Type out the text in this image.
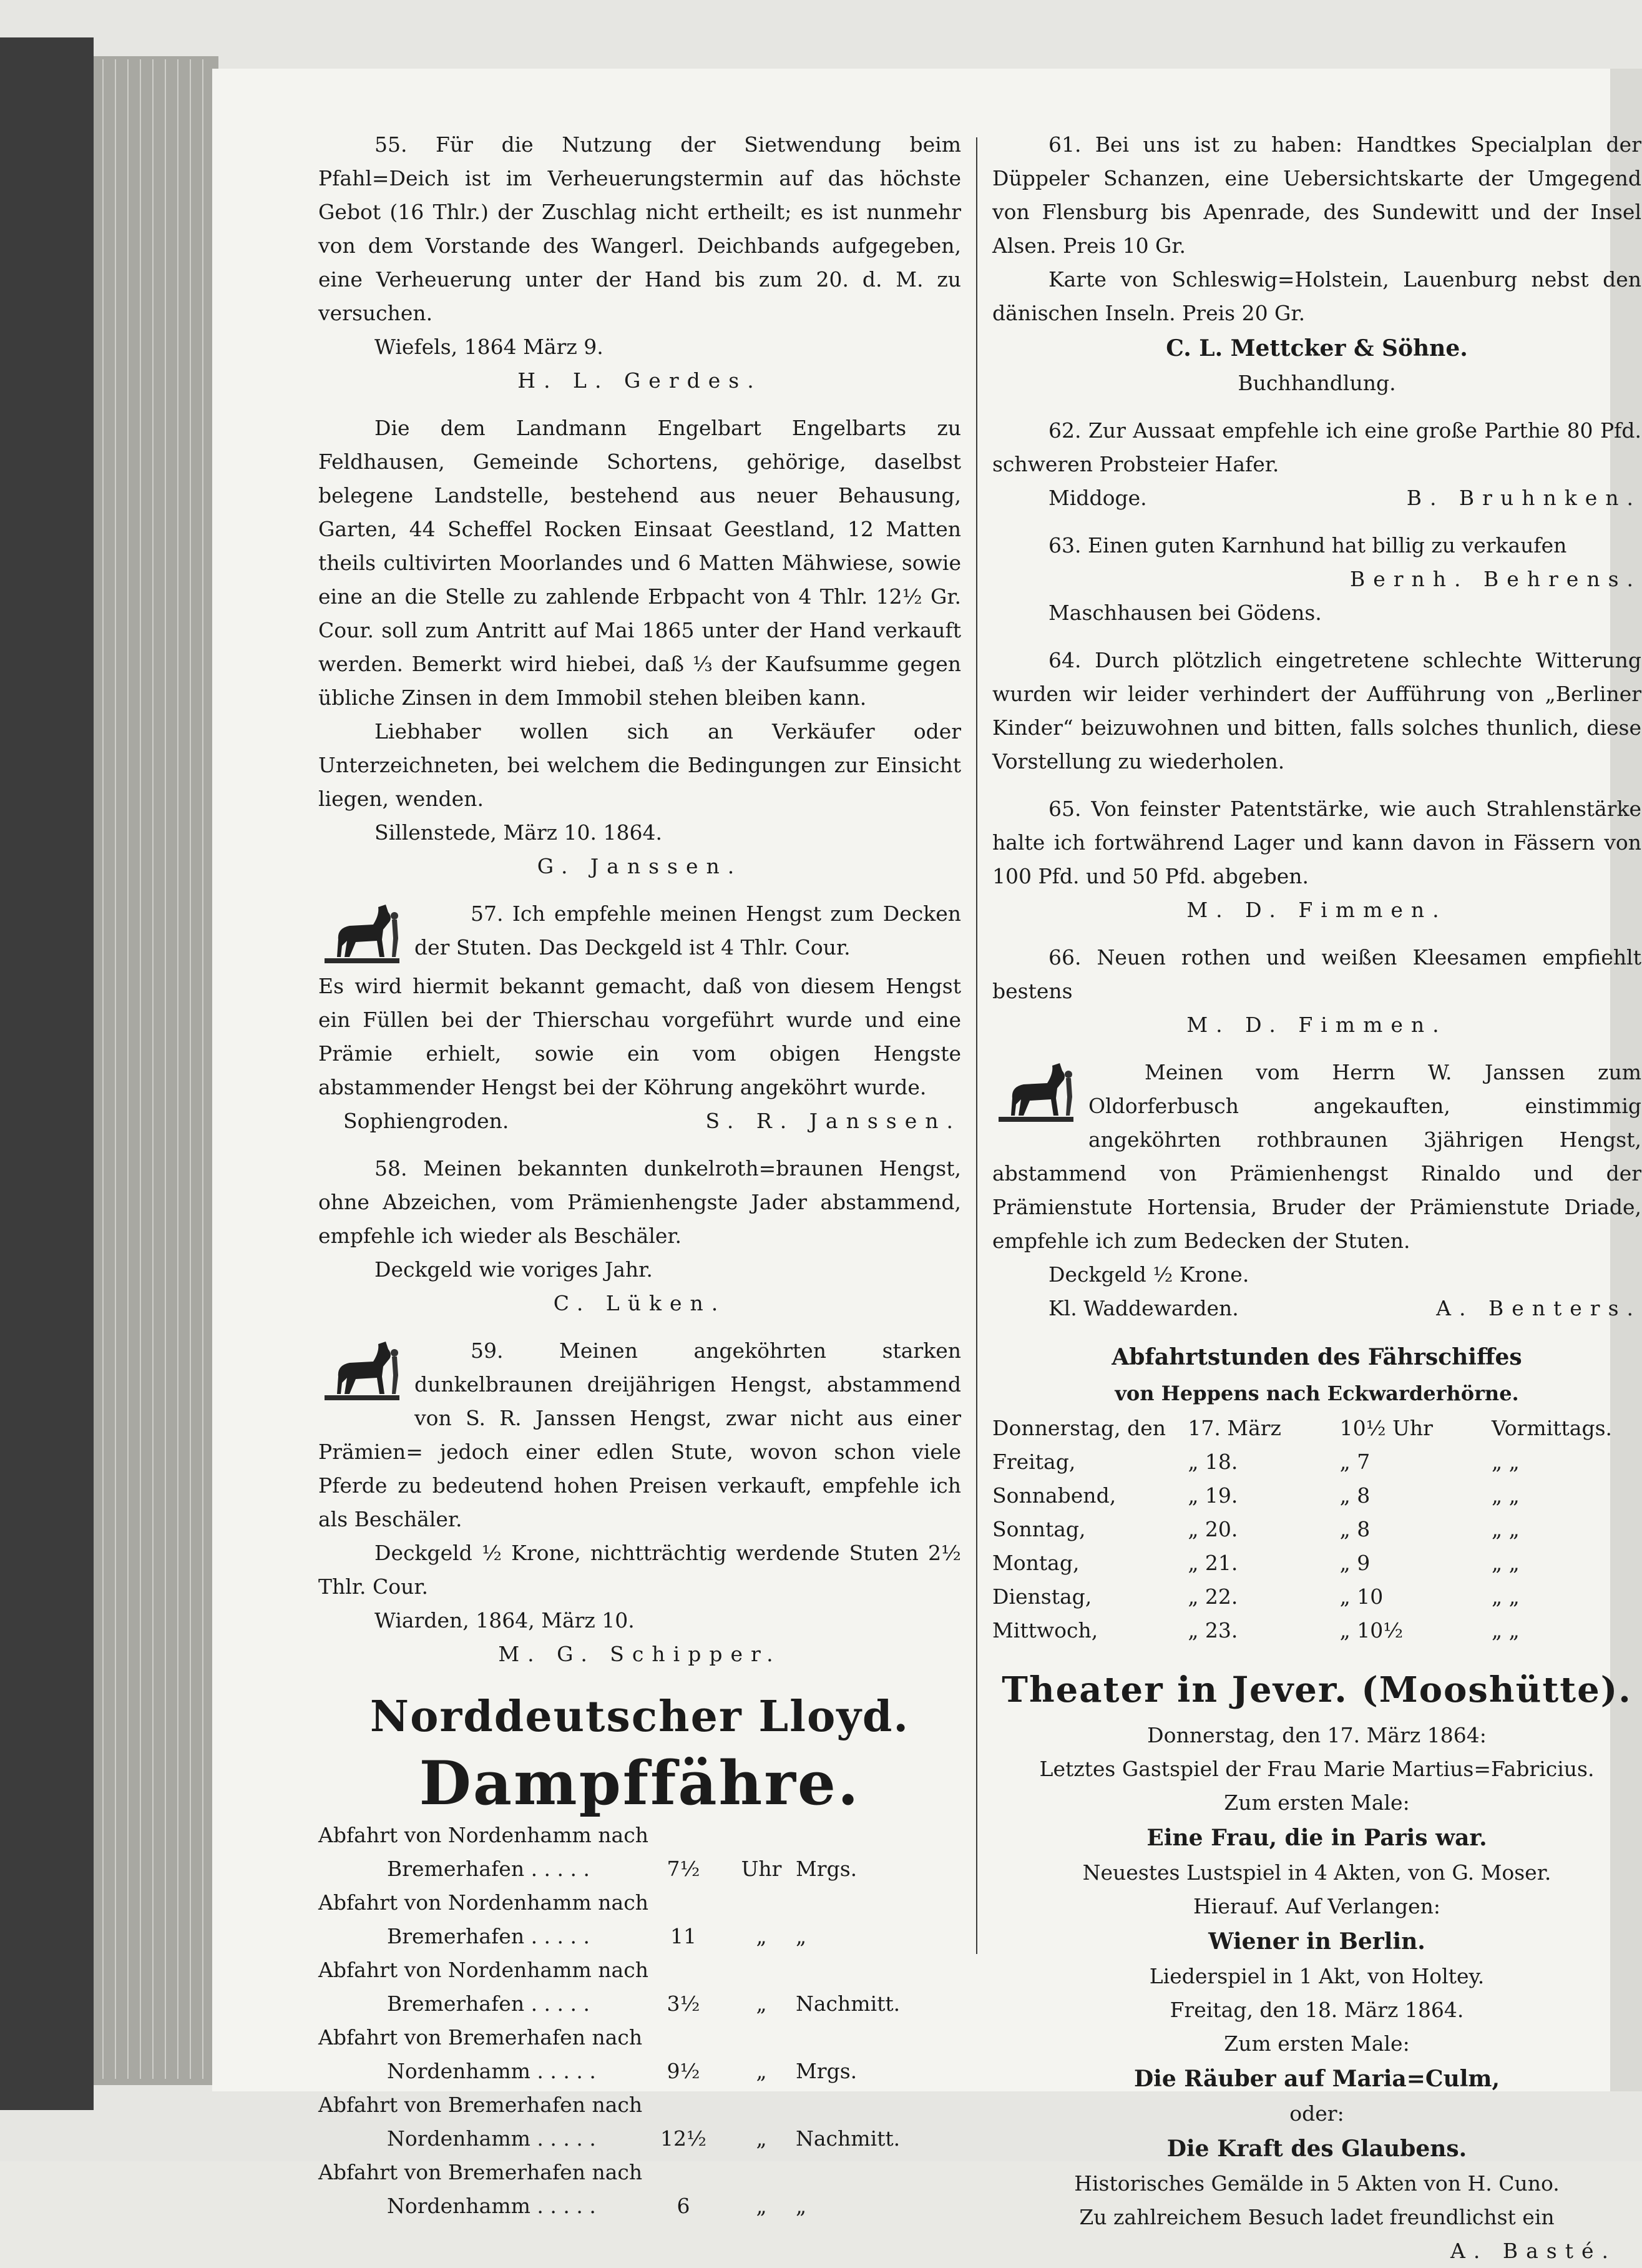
55. Für die Nutzung der Sietwendung beim Pfahl=Deich ist im Verheuerungstermin auf das höchste Gebot (16 Thlr.) der Zuschlag nicht ertheilt; es ist nunmehr von dem Vorstande des Wangerl. Deichbands aufgegeben, eine Verheuerung unter der Hand bis zum 20. d. M. zu versuchen.

Wiefels, 1864 März 9.

H. L. Gerdes.

Die dem Landmann Engelbart Engelbarts zu Feldhausen, Gemeinde Schortens, gehörige, daselbst belegene Landstelle, bestehend aus neuer Behausung, Garten, 44 Scheffel Rocken Einsaat Geestland, 12 Matten theils cultivirten Moorlandes und 6 Matten Mähwiese, sowie eine an die Stelle zu zahlende Erbpacht von 4 Thlr. 12½ Gr. Cour. soll zum Antritt auf Mai 1865 unter der Hand verkauft werden. Bemerkt wird hiebei, daß ⅓ der Kaufsumme gegen übliche Zinsen in dem Immobil stehen bleiben kann.

Liebhaber wollen sich an Verkäufer oder Unterzeichneten, bei welchem die Bedingungen zur Einsicht liegen, wenden.

Sillenstede, März 10. 1864.

G. Janssen.

57. Ich empfehle meinen Hengst zum Decken der Stuten. Das Deckgeld ist 4 Thlr. Cour.

Es wird hiermit bekannt gemacht, daß von diesem Hengst ein Füllen bei der Thierschau vorgeführt wurde und eine Prämie erhielt, sowie ein vom obigen Hengste abstammender Hengst bei der Köhrung angeköhrt wurde.

Sophiengroden.	S. R. Janssen.

58. Meinen bekannten dunkelroth=braunen Hengst, ohne Abzeichen, vom Prämienhengste Jader abstammend, empfehle ich wieder als Beschäler.

Deckgeld wie voriges Jahr.

C. Lüken.

59. Meinen angeköhrten starken dunkelbraunen dreijährigen Hengst, abstammend von S. R. Janssen Hengst, zwar nicht aus einer Prämien= jedoch einer edlen Stute, wovon schon viele Pferde zu bedeutend hohen Preisen verkauft, empfehle ich als Beschäler.

Deckgeld ½ Krone, nichtträchtig werdende Stuten 2½ Thlr. Cour.

Wiarden, 1864, März 10.

M. G. Schipper.

Norddeutscher Lloyd.

Dampffähre.

Abfahrt von Nordenhamm nach
Bremerhafen . . . . .	7½	Uhr Mrgs.
Abfahrt von Nordenhamm nach
Bremerhafen . . . . .	11	„	„
Abfahrt von Nordenhamm nach
Bremerhafen . . . . .	3½	„	Nachmitt.
Abfahrt von Bremerhafen nach
Nordenhamm . . . . .	9½	„	Mrgs.
Abfahrt von Bremerhafen nach
Nordenhamm . . . . .	12½	„	Nachmitt.
Abfahrt von Bremerhafen nach
Nordenhamm . . . . .	6	„	„

61. Bei uns ist zu haben: Handtkes Specialplan der Düppeler Schanzen, eine Uebersichtskarte der Umgegend von Flensburg bis Apenrade, des Sundewitt und der Insel Alsen. Preis 10 Gr.

Karte von Schleswig=Holstein, Lauenburg nebst den dänischen Inseln. Preis 20 Gr.

C. L. Mettcker & Söhne.

Buchhandlung.

62. Zur Aussaat empfehle ich eine große Parthie 80 Pfd. schweren Probsteier Hafer.

Middoge.	B. Bruhnken.

63. Einen guten Karnhund hat billig zu verkaufen

Bernh. Behrens.

Maschhausen bei Gödens.

64. Durch plötzlich eingetretene schlechte Witterung wurden wir leider verhindert der Aufführung von „Berliner Kinder“ beizuwohnen und bitten, falls solches thunlich, diese Vorstellung zu wiederholen.

65. Von feinster Patentstärke, wie auch Strahlenstärke halte ich fortwährend Lager und kann davon in Fässern von 100 Pfd. und 50 Pfd. abgeben.

M. D. Fimmen.

66. Neuen rothen und weißen Kleesamen empfiehlt bestens

M. D. Fimmen.

Meinen vom Herrn W. Janssen zum Oldorferbusch angekauften, einstimmig angeköhrten rothbraunen 3jährigen Hengst, abstammend von Prämienhengst Rinaldo und der Prämienstute Hortensia, Bruder der Prämienstute Driade, empfehle ich zum Bedecken der Stuten.

Deckgeld ½ Krone.

Kl. Waddewarden.	A. Benters.

Abfahrtstunden des Fährschiffes

von Heppens nach Eckwarderhörne.

Donnerstag, den	17. März	10½ Uhr	Vormittags.
Freitag,	„ 18.	„ 7	„ „
Sonnabend,	„ 19.	„ 8	„ „
Sonntag,	„ 20.	„ 8	„ „
Montag,	„ 21.	„ 9	„ „
Dienstag,	„ 22.	„ 10	„ „
Mittwoch,	„ 23.	„ 10½	„ „

Theater in Jever. (Mooshütte).

Donnerstag, den 17. März 1864:

Letztes Gastspiel der Frau Marie Martius=Fabricius.

Zum ersten Male:

Eine Frau, die in Paris war.

Neuestes Lustspiel in 4 Akten, von G. Moser.

Hierauf. Auf Verlangen:

Wiener in Berlin.

Liederspiel in 1 Akt, von Holtey.

Freitag, den 18. März 1864.

Zum ersten Male:

Die Räuber auf Maria=Culm,

oder:

Die Kraft des Glaubens.

Historisches Gemälde in 5 Akten von H. Cuno.

Zu zahlreichem Besuch ladet freundlichst ein

A. Basté.
